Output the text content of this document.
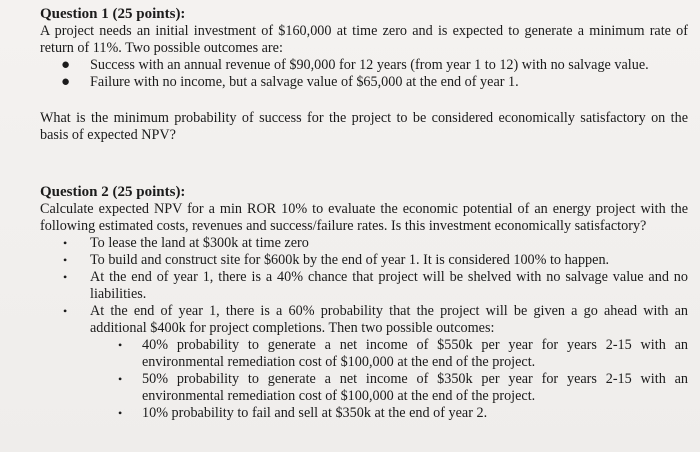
Question 1 (25 points):

A project needs an initial investment of $160,000 at time zero and is expected to generate a minimum rate of return of 11%. Two possible outcomes are:

● Success with an annual revenue of $90,000 for 12 years (from year 1 to 12) with no salvage value.
● Failure with no income, but a salvage value of $65,000 at the end of year 1.

What is the minimum probability of success for the project to be considered economically satisfactory on the basis of expected NPV?

Question 2 (25 points):

Calculate expected NPV for a min ROR 10% to evaluate the economic potential of an energy project with the following estimated costs, revenues and success/failure rates. Is this investment economically satisfactory?

• To lease the land at $300k at time zero
• To build and construct site for $600k by the end of year 1. It is considered 100% to happen.
• At the end of year 1, there is a 40% chance that project will be shelved with no salvage value and no liabilities.
• At the end of year 1, there is a 60% probability that the project will be given a go ahead with an additional $400k for project completions. Then two possible outcomes:
• 40% probability to generate a net income of $550k per year for years 2-15 with an environmental remediation cost of $100,000 at the end of the project.
• 50% probability to generate a net income of $350k per year for years 2-15 with an environmental remediation cost of $100,000 at the end of the project.
• 10% probability to fail and sell at $350k at the end of year 2.
